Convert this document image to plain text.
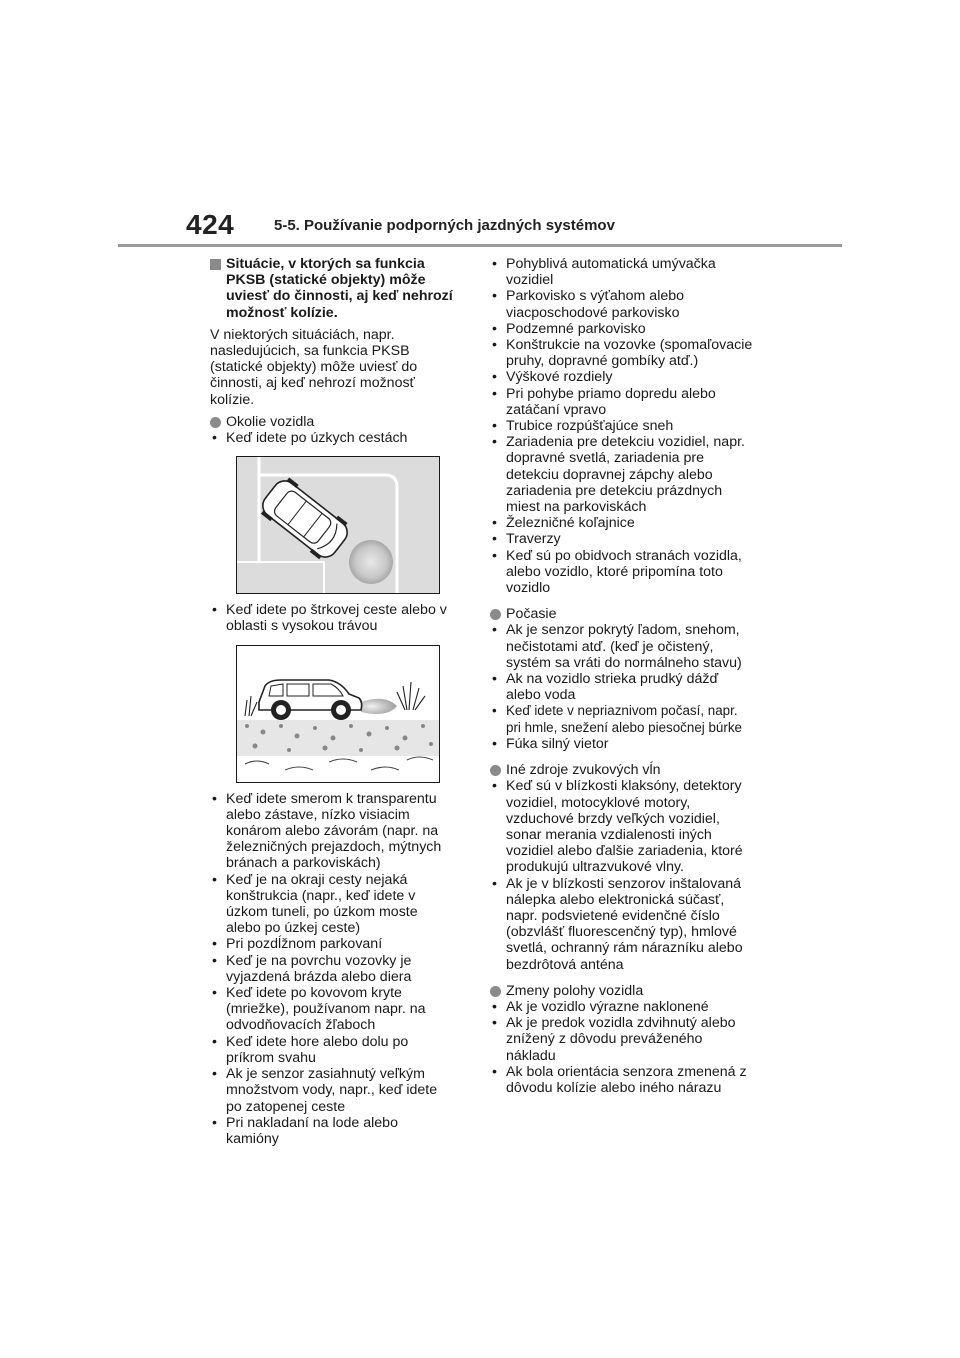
424	5-5. Používanie podporných jazdných systémov
Situácie, v ktorých sa funkcia PKSB (statické objekty) môže uviesť do činnosti, aj keď nehrozí možnosť kolízie.

V niektorých situáciách, napr. nasledujúcich, sa funkcia PKSB (statické objekty) môže uviesť do činnosti, aj keď nehrozí možnosť kolízie.

Okolie vozidla
• Keď idete po úzkych cestách
• Keď idete po štrkovej ceste alebo v oblasti s vysokou trávou
• Keď idete smerom k transparentu alebo zástave, nízko visiacim konárom alebo závorám (napr. na železničných prejazdoch, mýtnych bránach a parkoviskách)
• Keď je na okraji cesty nejaká konštrukcia (napr., keď idete v úzkom tuneli, po úzkom moste alebo po úzkej ceste)
• Pri pozdĺžnom parkovaní
• Keď je na povrchu vozovky je vyjazdená brázda alebo diera
• Keď idete po kovovom kryte (mriežke), používanom napr. na odvodňovacích žľaboch
• Keď idete hore alebo dolu po príkrom svahu
• Ak je senzor zasiahnutý veľkým množstvom vody, napr., keď idete po zatopenej ceste
• Pri nakladaní na lode alebo kamióny
• Pohyblivá automatická umývačka vozidiel
• Parkovisko s výťahom alebo viacposchodové parkovisko
• Podzemné parkovisko
• Konštrukcie na vozovke (spomaľovacie pruhy, dopravné gombíky atď.)
• Výškové rozdiely
• Pri pohybe priamo dopredu alebo zatáčaní vpravo
• Trubice rozpúšťajúce sneh
• Zariadenia pre detekciu vozidiel, napr. dopravné svetlá, zariadenia pre detekciu dopravnej zápchy alebo zariadenia pre detekciu prázdnych miest na parkoviskách
• Železničné koľajnice
• Traverzy
• Keď sú po obidvoch stranách vozidla, alebo vozidlo, ktoré pripomína toto vozidlo
Počasie
• Ak je senzor pokrytý ľadom, snehom, nečistotami atď. (keď je očistený, systém sa vráti do normálneho stavu)
• Ak na vozidlo strieka prudký dážď alebo voda
• Keď idete v nepriaznivom počasí, napr. pri hmle, snežení alebo piesočnej búrke
• Fúka silný vietor
Iné zdroje zvukových vĺn
• Keď sú v blízkosti klaksóny, detektory vozidiel, motocyklové motory, vzduchové brzdy veľkých vozidiel, sonar merania vzdialenosti iných vozidiel alebo ďalšie zariadenia, ktoré produkujú ultrazvukové vlny.
• Ak je v blízkosti senzorov inštalovaná nálepka alebo elektronická súčasť, napr. podsvietené evidenčné číslo (obzvlášť fluorescenčný typ), hmlové svetlá, ochranný rám nárazníku alebo bezdrôtová anténa
Zmeny polohy vozidla
• Ak je vozidlo výrazne naklonené
• Ak je predok vozidla zdvihnutý alebo znížený z dôvodu preváženého nákladu
• Ak bola orientácia senzora zmenená z dôvodu kolízie alebo iného nárazu
